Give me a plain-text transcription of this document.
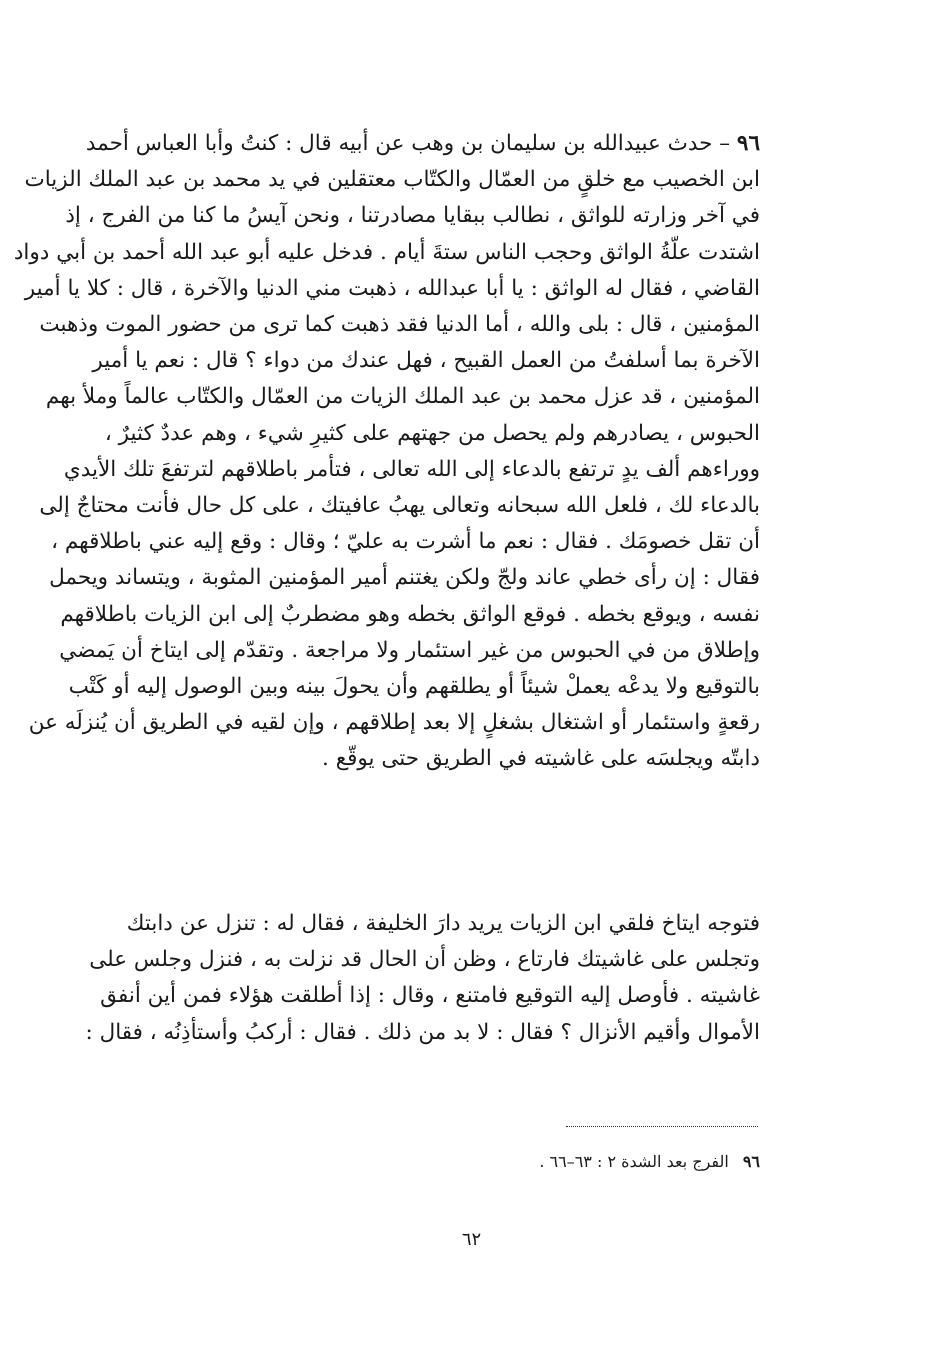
٩٦ – حدث عبيدالله بن سليمان بن وهب عن أبيه قال : كنتُ وأبا العباس أحمد
ابن الخصيب مع خلقٍ من العمّال والكتّاب معتقلين في يد محمد بن عبد الملك الزيات
في آخر وزارته للواثق ، نطالب ببقايا مصادرتنا ، ونحن آيسُ ما كنا من الفرج ، إذ
اشتدت علّةُ الواثق وحجب الناس ستةَ أيام . فدخل عليه أبو عبد الله أحمد بن أبي دواد
القاضي ، فقال له الواثق : يا أبا عبدالله ، ذهبت مني الدنيا والآخرة ، قال : كلا يا أمير
المؤمنين ، قال : بلى والله ، أما الدنيا فقد ذهبت كما ترى من حضور الموت وذهبت
الآخرة بما أسلفتُ من العمل القبيح ، فهل عندك من دواء ؟ قال : نعم يا أمير
المؤمنين ، قد عزل محمد بن عبد الملك الزيات من العمّال والكتّاب عالماً وملأ بهم
الحبوس ، يصادرهم ولم يحصل من جهتهم على كثيرِ شيء ، وهم عددٌ كثيرٌ ،
ووراءهم ألف يدٍ ترتفع بالدعاء إلى الله تعالى ، فتأمر باطلاقهم لترتفعَ تلك الأيدي
بالدعاء لك ، فلعل الله سبحانه وتعالى يهبُ عافيتك ، على كل حال فأنت محتاجٌ إلى
أن تقل خصومَك . فقال : نعم ما أشرت به عليّ ؛ وقال : وقع إليه عني باطلاقهم ،
فقال : إن رأى خطي عاند ولجّ ولكن يغتنم أمير المؤمنين المثوبة ، ويتساند ويحمل
نفسه ، ويوقع بخطه . فوقع الواثق بخطه وهو مضطربٌ إلى ابن الزيات باطلاقهم
وإطلاق من في الحبوس من غير استئمار ولا مراجعة . وتقدّم إلى ايتاخ أن يَمضي
بالتوقيع ولا يدعْه يعملْ شيئاً أو يطلقهم وأن يحولَ بينه وبين الوصول إليه أو كَتْب
رقعةٍ واستئمار أو اشتغال بشغلٍ إلا بعد إطلاقهم ، وإن لقيه في الطريق أن يُنزلَه عن
دابتّه ويجلسَه على غاشيته في الطريق حتى يوقّع .
فتوجه ايتاخ فلقي ابن الزيات يريد دارَ الخليفة ، فقال له : تنزل عن دابتك
وتجلس على غاشيتك فارتاع ، وظن أن الحال قد نزلت به ، فنزل وجلس على
غاشيته . فأوصل إليه التوقيع فامتنع ، وقال : إذا أطلقت هؤلاء فمن أين أنفق
الأموال وأقيم الأنزال ؟ فقال : لا بد من ذلك . فقال : أركبُ وأستأذِنُه ، فقال :
٩٦الفرج بعد الشدة ٢ : ٦٣–٦٦ .
٦٢
